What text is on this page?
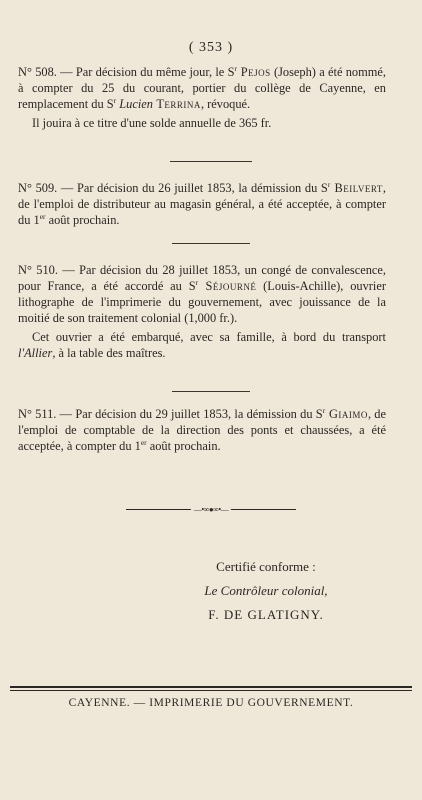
( 353 )

N° 508. — Par décision du même jour, le $S^r$ Pejos (Joseph) a été nommé, à compter du 25 du courant, portier du collège de Cayenne, en remplacement du $S^r$ Lucien Terrina, révoqué.

Il jouira à ce titre d'une solde annuelle de 365 fr.

N° 509. — Par décision du 26 juillet 1853, la démission du $S^r$ Beilvert, de l'emploi de distributeur au magasin général, a été acceptée, à compter du 1er août prochain.

N° 510. — Par décision du 28 juillet 1853, un congé de convalescence, pour France, a été accordé au $S^r$ Séjourné (Louis-Achille), ouvrier lithographe de l'imprimerie du gouvernement, avec jouissance de la moitié de son traitement colonial (1,000 fr.).

Cet ouvrier a été embarqué, avec sa famille, à bord du transport l'Allier, à la table des maîtres.

N° 511. — Par décision du 29 juillet 1853, la démission du $S^r$ Giaimo, de l'emploi de comptable de la direction des ponts et chaussées, a été acceptée, à compter du 1er août prochain.

—•∞●∞•—
Certifié conforme :
Le Contrôleur colonial,
F. DE GLATIGNY.
CAYENNE. — IMPRIMERIE DU GOUVERNEMENT.
